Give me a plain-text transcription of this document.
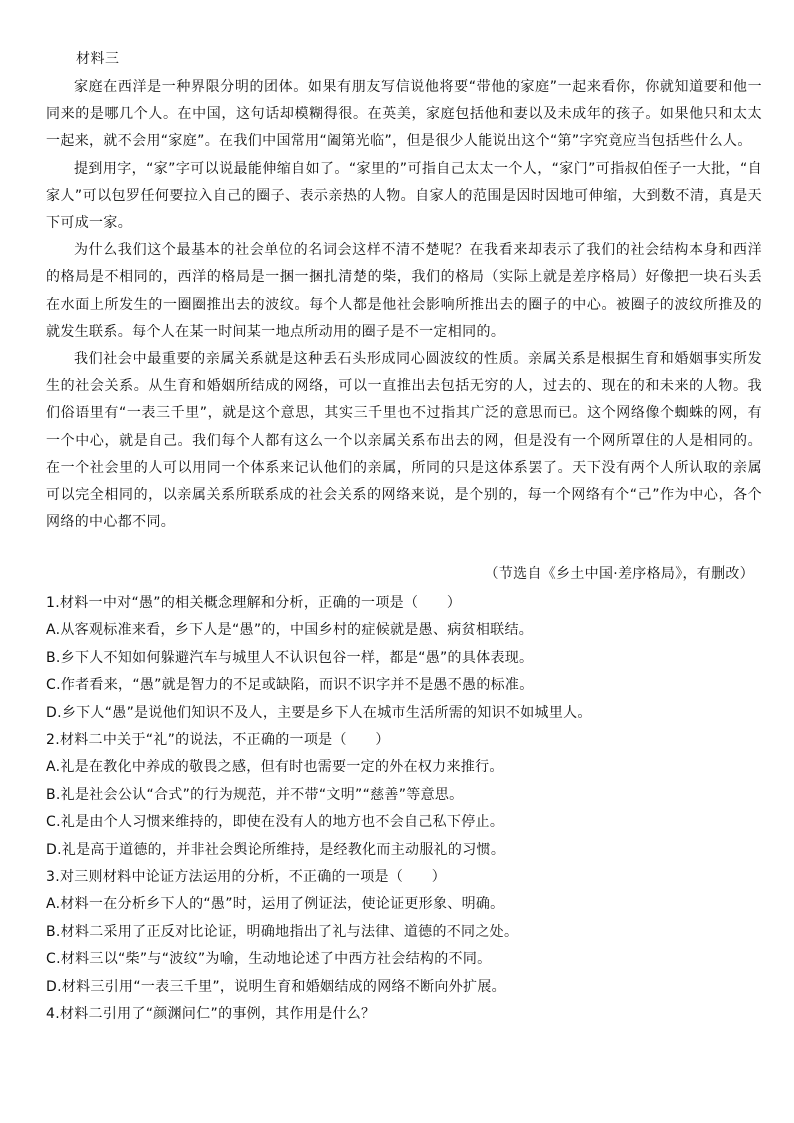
材料三

家庭在西洋是一种界限分明的团体。如果有朋友写信说他将要“带他的家庭”一起来看你，你就知道要和他一同来的是哪几个人。在中国，这句话却模糊得很。在英美，家庭包括他和妻以及未成年的孩子。如果他只和太太一起来，就不会用“家庭”。在我们中国常用“阖第光临”，但是很少人能说出这个“第”字究竟应当包括些什么人。

提到用字，“家”字可以说最能伸缩自如了。“家里的”可指自己太太一个人，“家门”可指叔伯侄子一大批，“自家人”可以包罗任何要拉入自己的圈子、表示亲热的人物。自家人的范围是因时因地可伸缩，大到数不清，真是天下可成一家。

为什么我们这个最基本的社会单位的名词会这样不清不楚呢？在我看来却表示了我们的社会结构本身和西洋的格局是不相同的，西洋的格局是一捆一捆扎清楚的柴，我们的格局（实际上就是差序格局）好像把一块石头丢在水面上所发生的一圈圈推出去的波纹。每个人都是他社会影响所推出去的圈子的中心。被圈子的波纹所推及的就发生联系。每个人在某一时间某一地点所动用的圈子是不一定相同的。

我们社会中最重要的亲属关系就是这种丢石头形成同心圆波纹的性质。亲属关系是根据生育和婚姻事实所发生的社会关系。从生育和婚姻所结成的网络，可以一直推出去包括无穷的人，过去的、现在的和未来的人物。我们俗语里有“一表三千里”，就是这个意思，其实三千里也不过指其广泛的意思而已。这个网络像个蜘蛛的网，有一个中心，就是自己。我们每个人都有这么一个以亲属关系布出去的网，但是没有一个网所罩住的人是相同的。在一个社会里的人可以用同一个体系来记认他们的亲属，所同的只是这体系罢了。天下没有两个人所认取的亲属可以完全相同的，以亲属关系所联系成的社会关系的网络来说，是个别的，每一个网络有个“己”作为中心，各个网络的中心都不同。

（节选自《乡土中国·差序格局》，有删改）
1.材料一中对“愚”的相关概念理解和分析，正确的一项是（　　）
A.从客观标准来看，乡下人是“愚”的，中国乡村的症候就是愚、病贫相联结。
B.乡下人不知如何躲避汽车与城里人不认识包谷一样，都是“愚”的具体表现。
C.作者看来，“愚”就是智力的不足或缺陷，而识不识字并不是愚不愚的标准。
D.乡下人“愚”是说他们知识不及人，主要是乡下人在城市生活所需的知识不如城里人。
2.材料二中关于“礼”的说法，不正确的一项是（　　）
A.礼是在教化中养成的敬畏之感，但有时也需要一定的外在权力来推行。
B.礼是社会公认“合式”的行为规范，并不带“文明”“慈善”等意思。
C.礼是由个人习惯来维持的，即使在没有人的地方也不会自己私下停止。
D.礼是高于道德的，并非社会舆论所维持，是经教化而主动服礼的习惯。
3.对三则材料中论证方法运用的分析，不正确的一项是（　　）
A.材料一在分析乡下人的“愚”时，运用了例证法，使论证更形象、明确。
B.材料二采用了正反对比论证，明确地指出了礼与法律、道德的不同之处。
C.材料三以“柴”与“波纹”为喻，生动地论述了中西方社会结构的不同。
D.材料三引用“一表三千里”，说明生育和婚姻结成的网络不断向外扩展。
4.材料二引用了“颜渊问仁”的事例，其作用是什么？
